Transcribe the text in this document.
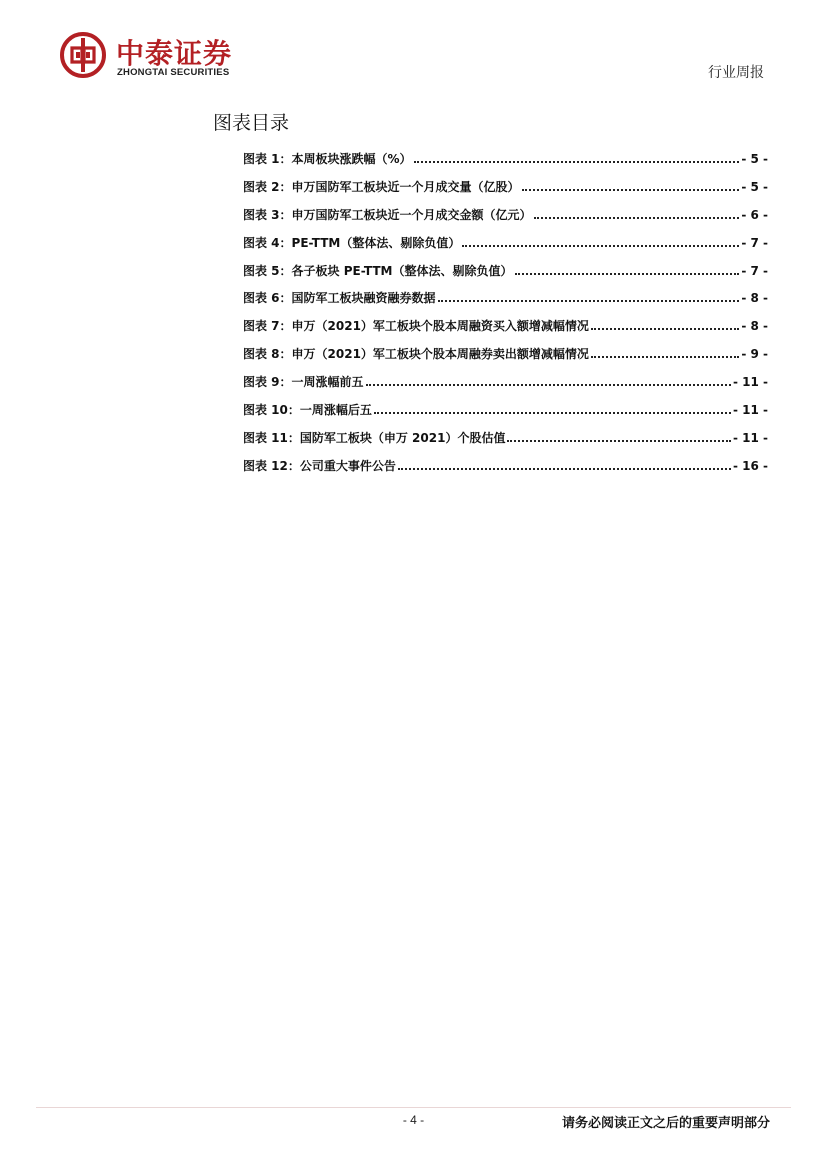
中泰证券
ZHONGTAI SECURITIES	行业周报
图表目录
图表 1：本周板块涨跌幅（%）	- 5 -
图表 2：申万国防军工板块近一个月成交量（亿股）	- 5 -
图表 3：申万国防军工板块近一个月成交金额（亿元）	- 6 -
图表 4：PE-TTM（整体法、剔除负值）	- 7 -
图表 5：各子板块 PE-TTM（整体法、剔除负值）	- 7 -
图表 6：国防军工板块融资融券数据	- 8 -
图表 7：申万（2021）军工板块个股本周融资买入额增减幅情况	- 8 -
图表 8：申万（2021）军工板块个股本周融券卖出额增减幅情况	- 9 -
图表 9：一周涨幅前五	- 11 -
图表 10：一周涨幅后五	- 11 -
图表 11：国防军工板块（申万 2021）个股估值	- 11 -
图表 12：公司重大事件公告	- 16 -
- 4 -	请务必阅读正文之后的重要声明部分
